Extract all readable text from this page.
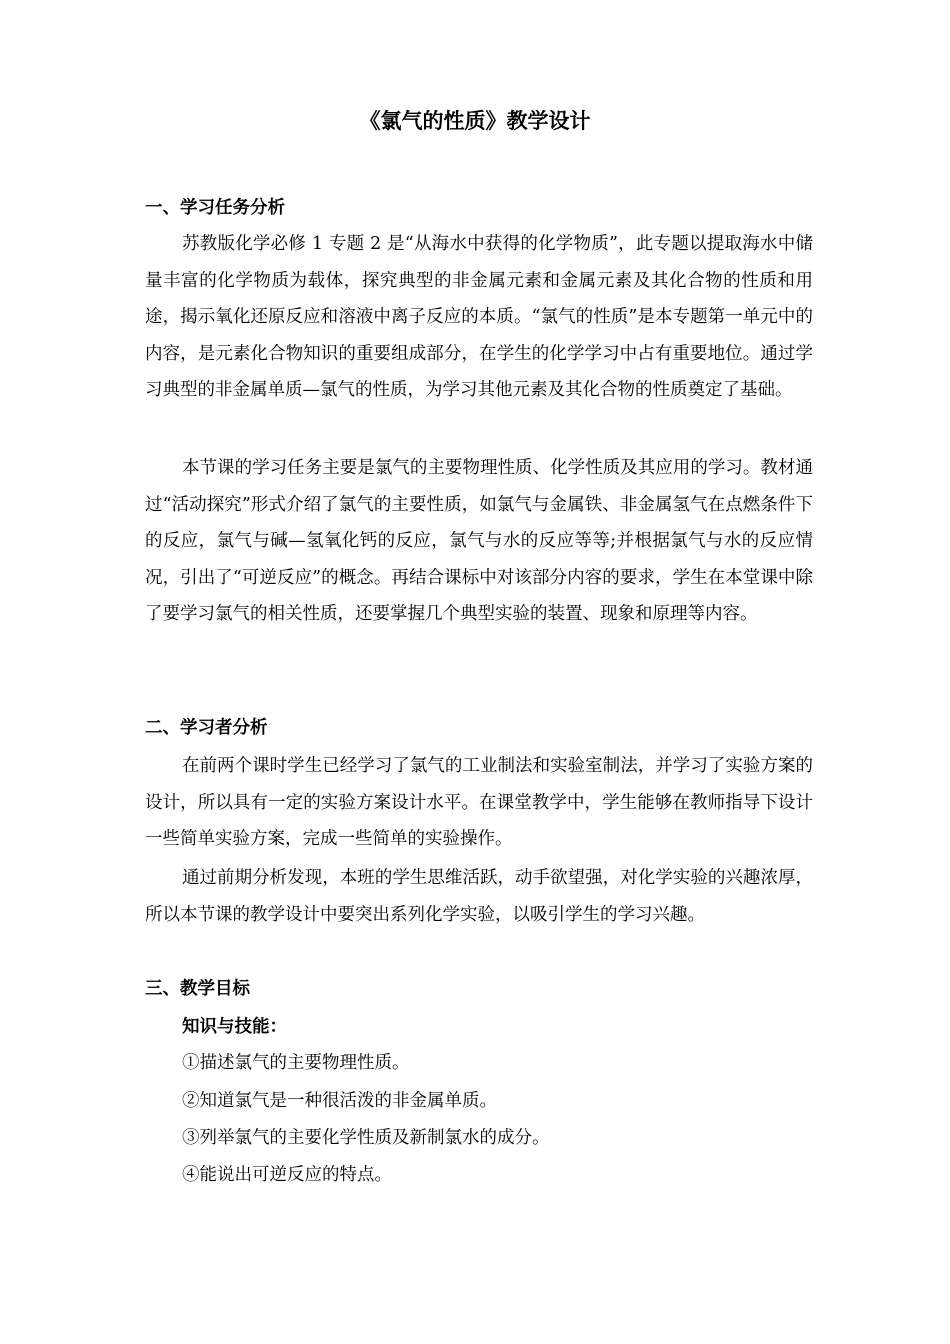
《氯气的性质》教学设计
一、学习任务分析

苏教版化学必修 1 专题 2 是“从海水中获得的化学物质”，此专题以提取海水中储量丰富的化学物质为载体，探究典型的非金属元素和金属元素及其化合物的性质和用途，揭示氧化还原反应和溶液中离子反应的本质。“氯气的性质”是本专题第一单元中的内容，是元素化合物知识的重要组成部分，在学生的化学学习中占有重要地位。通过学习典型的非金属单质—氯气的性质，为学习其他元素及其化合物的性质奠定了基础。

本节课的学习任务主要是氯气的主要物理性质、化学性质及其应用的学习。教材通过“活动探究”形式介绍了氯气的主要性质，如氯气与金属铁、非金属氢气在点燃条件下的反应，氯气与碱—氢氧化钙的反应，氯气与水的反应等等;并根据氯气与水的反应情况，引出了“可逆反应”的概念。再结合课标中对该部分内容的要求，学生在本堂课中除了要学习氯气的相关性质，还要掌握几个典型实验的装置、现象和原理等内容。

二、学习者分析

在前两个课时学生已经学习了氯气的工业制法和实验室制法，并学习了实验方案的设计，所以具有一定的实验方案设计水平。在课堂教学中，学生能够在教师指导下设计一些简单实验方案，完成一些简单的实验操作。

通过前期分析发现，本班的学生思维活跃，动手欲望强，对化学实验的兴趣浓厚，所以本节课的教学设计中要突出系列化学实验，以吸引学生的学习兴趣。

三、教学目标
知识与技能：
①描述氯气的主要物理性质。
②知道氯气是一种很活泼的非金属单质。
③列举氯气的主要化学性质及新制氯水的成分。
④能说出可逆反应的特点。
